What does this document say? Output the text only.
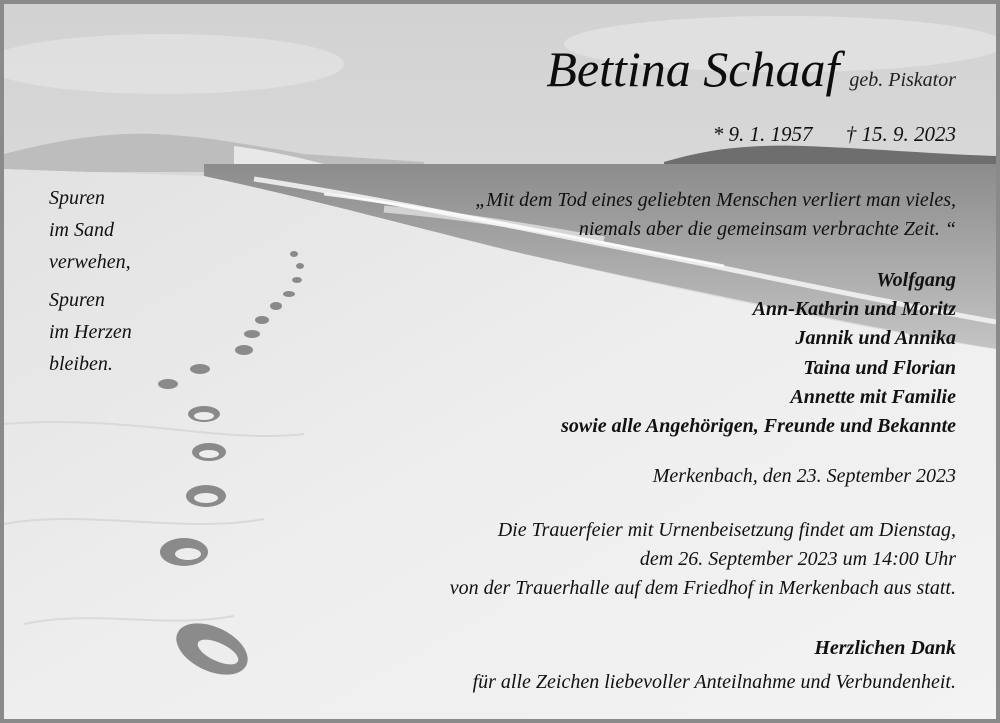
Bettina Schaaf geb. Piskator
* 9. 1. 1957 † 15. 9. 2023
Spuren
im Sand
verwehen,
Spuren
im Herzen
bleiben.
„Mit dem Tod eines geliebten Menschen verliert man vieles,
niemals aber die gemeinsam verbrachte Zeit. “
Wolfgang
Ann-Kathrin und Moritz
Jannik und Annika
Taina und Florian
Annette mit Familie
sowie alle Angehörigen, Freunde und Bekannte
Merkenbach, den 23. September 2023
Die Trauerfeier mit Urnenbeisetzung findet am Dienstag,
dem 26. September 2023 um 14:00 Uhr
von der Trauerhalle auf dem Friedhof in Merkenbach aus statt.
Herzlichen Dank
für alle Zeichen liebevoller Anteilnahme und Verbundenheit.
